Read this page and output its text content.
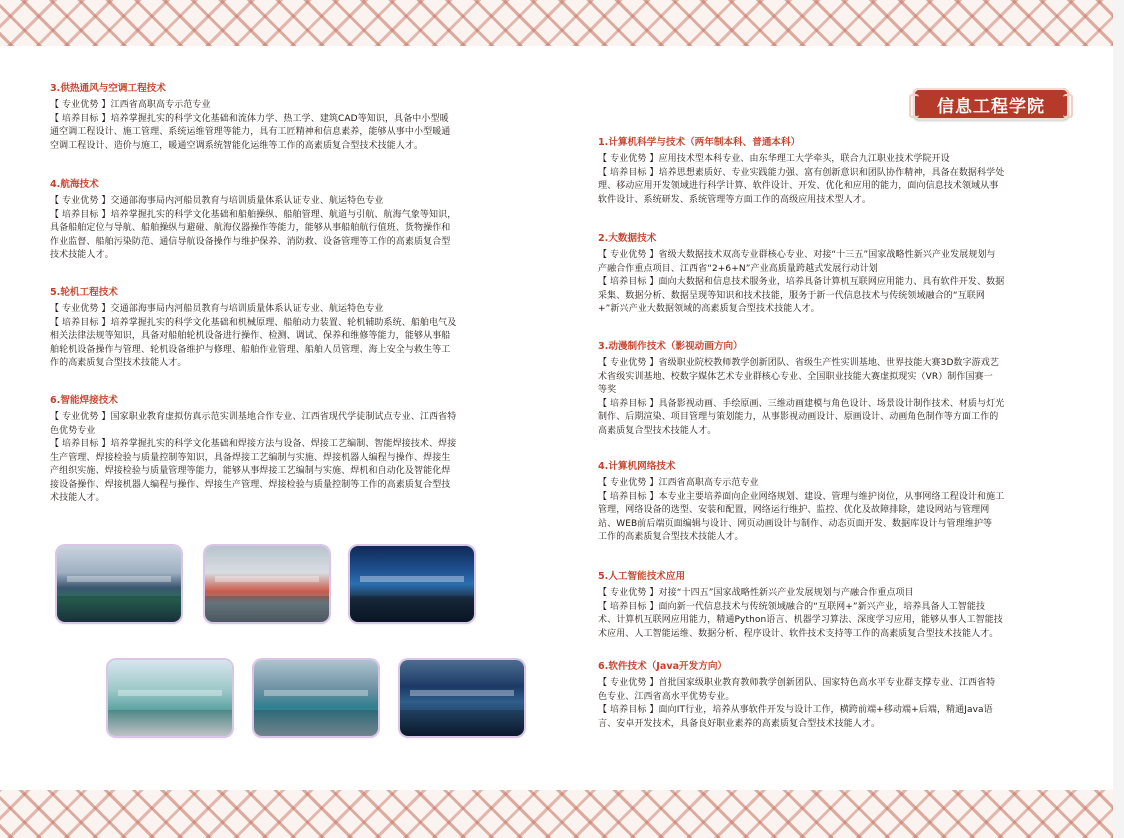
3.供热通风与空调工程技术

【 专业优势 】江西省高职高专示范专业

【 培养目标 】培养掌握扎实的科学文化基础和流体力学、热工学、建筑CAD等知识，具备中小型暖

通空调工程设计、施工管理、系统运维管理等能力，具有工匠精神和信息素养，能够从事中小型暖通

空调工程设计、造价与施工，暖通空调系统智能化运维等工作的高素质复合型技术技能人才。

4.航海技术

【 专业优势 】交通部海事局内河船员教育与培训质量体系认证专业、航运特色专业

【 培养目标 】培养掌握扎实的科学文化基础和船舶操纵、船舶管理、航道与引航、航海气象等知识，

具备船舶定位与导航、船舶操纵与避碰、航海仪器操作等能力，能够从事船舶航行值班、货物操作和

作业监督、船舶污染防范、通信导航设备操作与维护保养、消防救、设备管理等工作的高素质复合型

技术技能人才。

5.轮机工程技术

【 专业优势 】交通部海事局内河船员教育与培训质量体系认证专业、航运特色专业

【 培养目标 】培养掌握扎实的科学文化基础和机械原理、船舶动力装置、轮机辅助系统、船舶电气及

相关法律法规等知识，具备对船舶轮机设备进行操作、检测、调试、保养和维修等能力，能够从事船

舶轮机设备操作与管理、轮机设备维护与修理、船舶作业管理、船舶人员管理、海上安全与救生等工

作的高素质复合型技术技能人才。

6.智能焊接技术

【 专业优势 】国家职业教育虚拟仿真示范实训基地合作专业、江西省现代学徒制试点专业、江西省特

色优势专业

【 培养目标 】培养掌握扎实的科学文化基础和焊接方法与设备、焊接工艺编制、智能焊接技术、焊接

生产管理、焊接检验与质量控制等知识，具备焊接工艺编制与实施、焊接机器人编程与操作、焊接生

产组织实施、焊接检验与质量管理等能力，能够从事焊接工艺编制与实施、焊机和自动化及智能化焊

接设备操作、焊接机器人编程与操作、焊接生产管理、焊接检验与质量控制等工作的高素质复合型技

术技能人才。

信息工程学院
1.计算机科学与技术（两年制本科、普通本科）

【 专业优势 】应用技术型本科专业、由东华理工大学牵头，联合九江职业技术学院开设

【 培养目标 】培养思想素质好、专业实践能力强、富有创新意识和团队协作精神，具备在数据科学处

理、移动应用开发领域进行科学计算、软件设计、开发、优化和应用的能力，面向信息技术领域从事

软件设计、系统研发、系统管理等方面工作的高级应用技术型人才。

2.大数据技术

【 专业优势 】省级大数据技术双高专业群核心专业、对接“十三五”国家战略性新兴产业发展规划与

产融合作重点项目、江西省“2+6+N”产业高质量跨越式发展行动计划

【 培养目标 】面向大数据和信息技术服务业，培养具备计算机互联网应用能力、具有软件开发、数据

采集、数据分析、数据呈现等知识和技术技能，服务于新一代信息技术与传统领域融合的“互联网

+”新兴产业大数据领域的高素质复合型技术技能人才。

3.动漫制作技术（影视动画方向）

【 专业优势 】省级职业院校教师教学创新团队、省级生产性实训基地、世界技能大赛3D数字游戏艺

术省级实训基地、校数字媒体艺术专业群核心专业、全国职业技能大赛虚拟现实（VR）制作国赛一

等奖

【 培养目标 】具备影视动画、手绘原画、三维动画建模与角色设计、场景设计制作技术、材质与灯光

制作、后期渲染、项目管理与策划能力，从事影视动画设计、原画设计、动画角色制作等方面工作的

高素质复合型技术技能人才。

4.计算机网络技术

【 专业优势 】江西省高职高专示范专业

【 培养目标 】本专业主要培养面向企业网络规划、建设、管理与维护岗位，从事网络工程设计和施工

管理，网络设备的选型、安装和配置，网络运行维护、监控、优化及故障排除，建设网站与管理网

站、WEB前后端页面编辑与设计、网页动画设计与制作、动态页面开发、数据库设计与管理维护等

工作的高素质复合型技术技能人才。

5.人工智能技术应用

【 专业优势 】对接“十四五”国家战略性新兴产业发展规划与产融合作重点项目

【 培养目标 】面向新一代信息技术与传统领域融合的“互联网+”新兴产业，培养具备人工智能技

术、计算机互联网应用能力，精通Python语言、机器学习算法、深度学习应用，能够从事人工智能技

术应用、人工智能运维、数据分析、程序设计、软件技术支持等工作的高素质复合型技术技能人才。

6.软件技术（Java开发方向）

【 专业优势 】首批国家级职业教育教师教学创新团队、国家特色高水平专业群支撑专业、江西省特

色专业、江西省高水平优势专业。

【 培养目标 】面向IT行业，培养从事软件开发与设计工作，横跨前端+移动端+后端，精通Java语

言、安卓开发技术，具备良好职业素养的高素质复合型技术技能人才。
